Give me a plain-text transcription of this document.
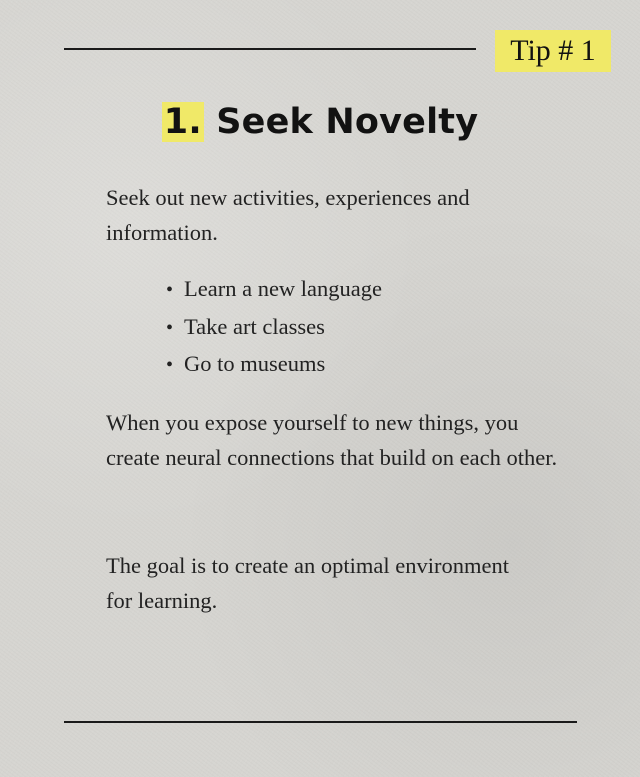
Tip # 1
1. Seek Novelty

Seek out new activities, experiences and information.

• Learn a new language
• Take art classes
• Go to museums

When you expose yourself to new things, you create neural connections that build on each other.

The goal is to create an optimal environment for learning.
